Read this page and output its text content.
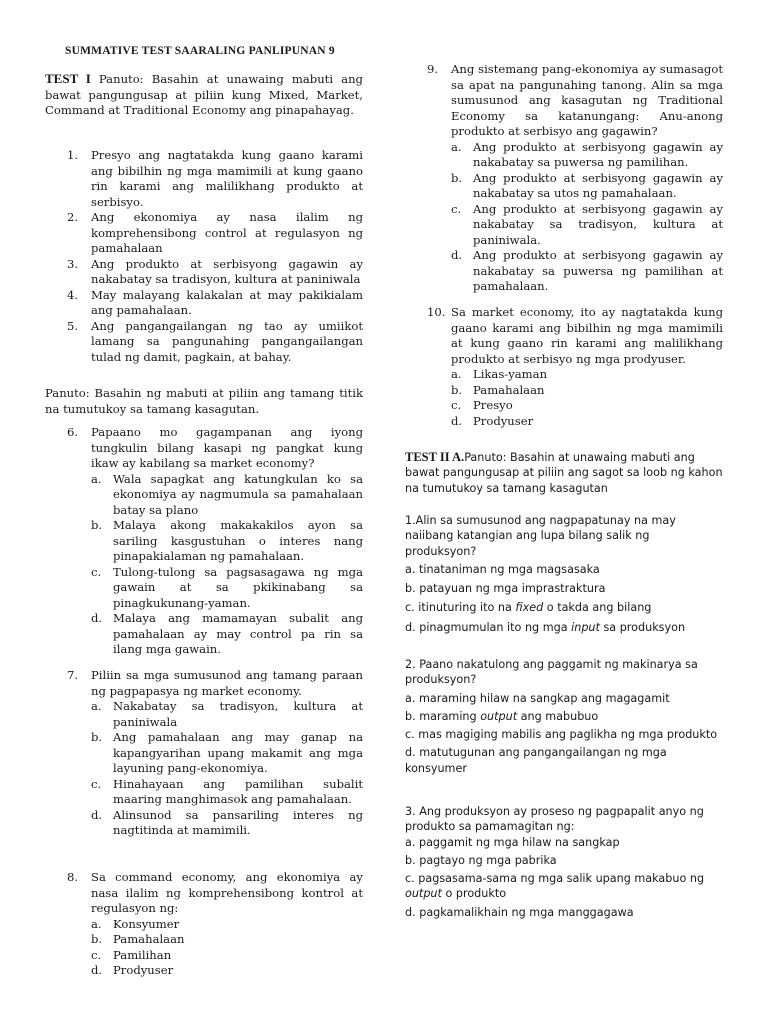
SUMMATIVE TEST SAARALING PANLIPUNAN 9
TEST I Panuto: Basahin at unawaing mabuti ang bawat pangungusap at piliin kung Mixed, Market, Command at Traditional Economy ang pinapahayag.
1. Presyo ang nagtatakda kung gaano karami ang bibilhin ng mga mamimili at kung gaano rin karami ang malilikhang produkto at serbisyo.
2. Ang ekonomiya ay nasa ilalim ng komprehensibong control at regulasyon ng pamahalaan
3. Ang produkto at serbisyong gagawin ay nakabatay sa tradisyon, kultura at paniniwala
4. May malayang kalakalan at may pakikialam ang pamahalaan.
5. Ang pangangailangan ng tao ay umiikot lamang sa pangunahing pangangailangan tulad ng damit, pagkain, at bahay.
Panuto: Basahin ng mabuti at piliin ang tamang titik na tumutukoy sa tamang kasagutan.
6. Papaano mo gagampanan ang iyong tungkulin bilang kasapi ng pangkat kung ikaw ay kabilang sa market economy?
a. Wala sapagkat ang katungkulan ko sa ekonomiya ay nagmumula sa pamahalaan batay sa plano
b. Malaya akong makakakilos ayon sa sariling kasgustuhan o interes nang pinapakialaman ng pamahalaan.
c. Tulong-tulong sa pagsasagawa ng mga gawain at sa pkikinabang sa pinagkukunang-yaman.
d. Malaya ang mamamayan subalit ang pamahalaan ay may control pa rin sa ilang mga gawain.
7. Piliin sa mga sumusunod ang tamang paraan ng pagpapasya ng market economy.
a. Nakabatay sa tradisyon, kultura at paniniwala
b. Ang pamahalaan ang may ganap na kapangyarihan upang makamit ang mga layuning pang-ekonomiya.
c. Hinahayaan ang pamilihan subalit maaring manghimasok ang pamahalaan.
d. Alinsunod sa pansariling interes ng nagtitinda at mamimili.
8. Sa command economy, ang ekonomiya ay nasa ilalim ng komprehensibong kontrol at regulasyon ng:
a. Konsyumer
b. Pamahalaan
c. Pamilihan
d. Prodyuser
9. Ang sistemang pang-ekonomiya ay sumasagot sa apat na pangunahing tanong. Alin sa mga sumusunod ang kasagutan ng Traditional Economy sa katanungang: Anu-anong produkto at serbisyo ang gagawin?
a. Ang produkto at serbisyong gagawin ay nakabatay sa puwersa ng pamilihan.
b. Ang produkto at serbisyong gagawin ay nakabatay sa utos ng pamahalaan.
c. Ang produkto at serbisyong gagawin ay nakabatay sa tradisyon, kultura at paniniwala.
d. Ang produkto at serbisyong gagawin ay nakabatay sa puwersa ng pamilihan at pamahalaan.
10. Sa market economy, ito ay nagtatakda kung gaano karami ang bibilhin ng mga mamimili at kung gaano rin karami ang malilikhang produkto at serbisyo ng mga prodyuser.
a. Likas-yaman
b. Pamahalaan
c. Presyo
d. Prodyuser
TEST II A.Panuto: Basahin at unawaing mabuti ang bawat pangungusap at piliin ang sagot sa loob ng kahon na tumutukoy sa tamang kasagutan

1.Alin sa sumusunod ang nagpapatunay na may naiibang katangian ang lupa bilang salik ng produksyon?

a. tinataniman ng mga magsasaka

b. patayuan ng mga imprastraktura

c. itinuturing ito na fixed o takda ang bilang

d. pinagmumulan ito ng mga input sa produksyon

2. Paano nakatulong ang paggamit ng makinarya sa produksyon?

a. maraming hilaw na sangkap ang magagamit

b. maraming output ang mabubuo

c. mas magiging mabilis ang paglikha ng mga produkto

d. matutugunan ang pangangailangan ng mga konsyumer

3. Ang produksyon ay proseso ng pagpapalit anyo ng produkto sa pamamagitan ng:

a. paggamit ng mga hilaw na sangkap

b. pagtayo ng mga pabrika

c. pagsasama-sama ng mga salik upang makabuo ng output o produkto

d. pagkamalikhain ng mga manggagawa
